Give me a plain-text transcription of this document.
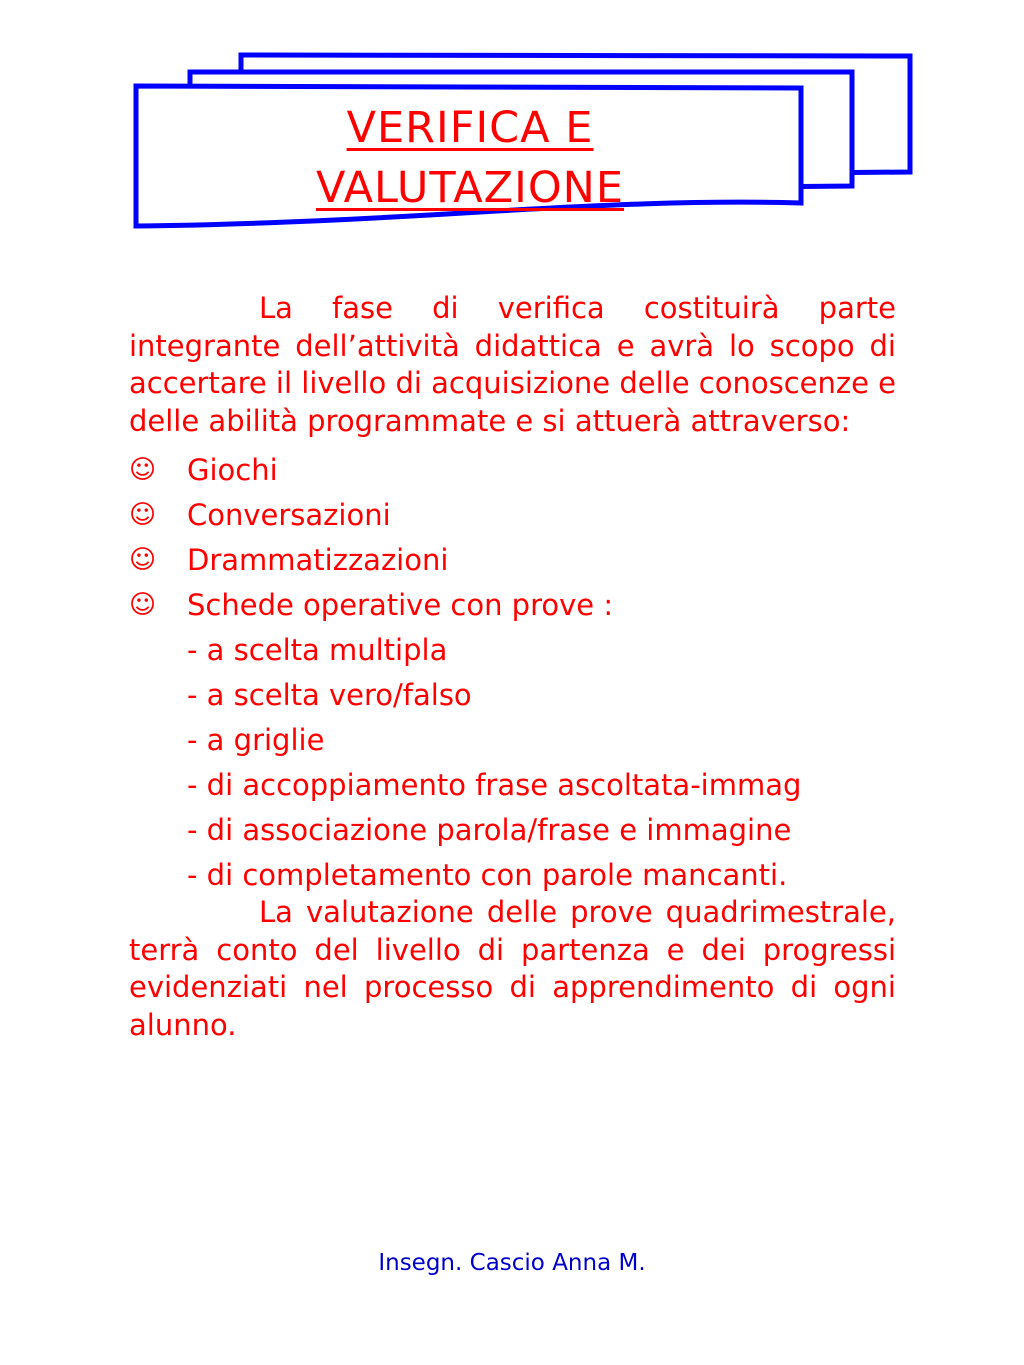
VERIFICA E
VALUTAZIONE

La fase di verifica costituirà parte integrante dell’attività didattica e avrà lo scopo di accertare il livello di acquisizione delle conoscenze e delle abilità programmate e si attuerà attraverso:

☺	Giochi
☺	Conversazioni
☺	Drammatizzazioni
☺	Schede operative con prove :
- a scelta multipla
- a scelta vero/falso
- a griglie
- di accoppiamento frase ascoltata-immag
- di associazione parola/frase e immagine
- di completamento con parole mancanti.

La valutazione delle prove quadrimestrale, terrà conto del livello di partenza e dei progressi evidenziati nel processo di apprendimento di ogni alunno.

Insegn. Cascio Anna M.
